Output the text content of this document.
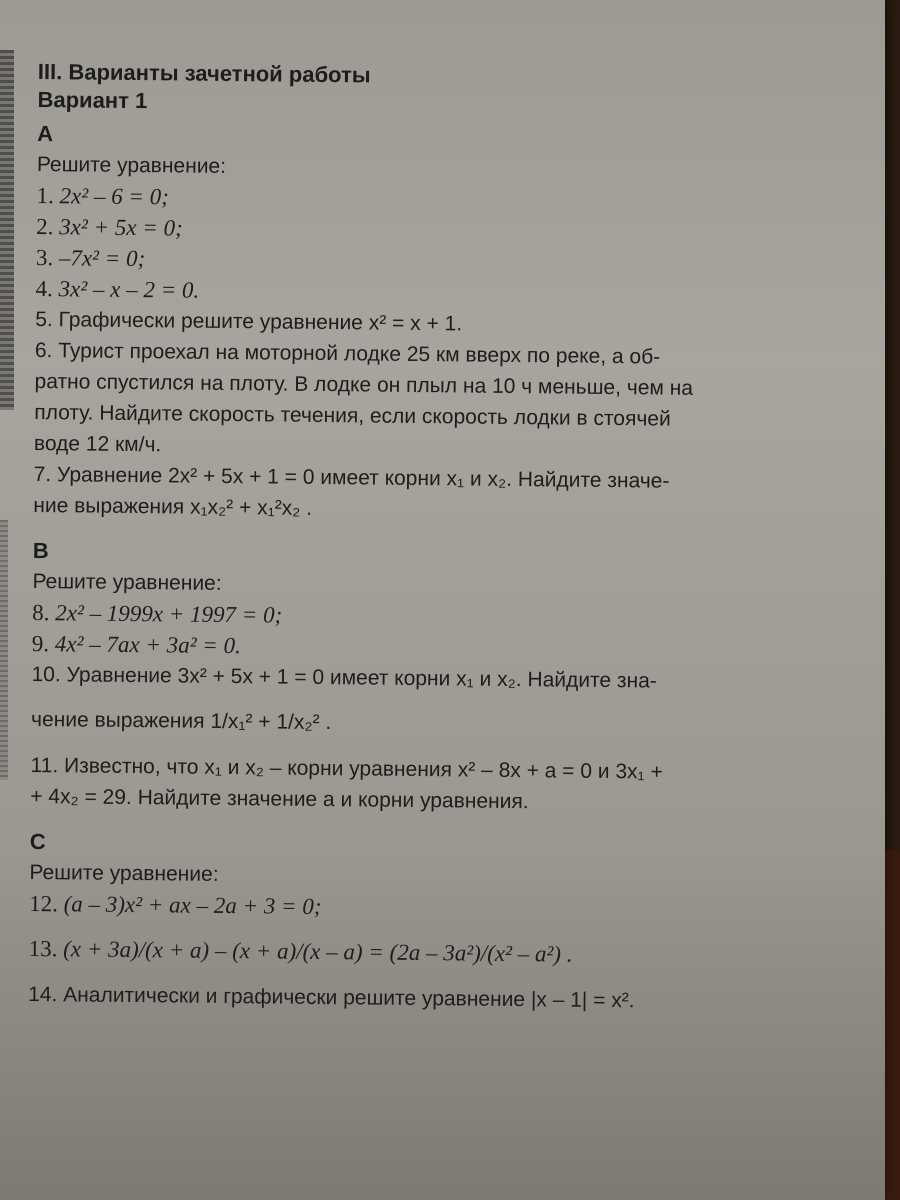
III. Варианты зачетной работы
Вариант 1
А
Решите уравнение:
1. 2x² – 6 = 0;
2. 3x² + 5x = 0;
3. –7x² = 0;
4. 3x² – x – 2 = 0.
5. Графически решите уравнение x² = x + 1.
6. Турист проехал на моторной лодке 25 км вверх по реке, а об-
ратно спустился на плоту. В лодке он плыл на 10 ч меньше, чем на
плоту. Найдите скорость течения, если скорость лодки в стоячей
воде 12 км/ч.
7. Уравнение 2x² + 5x + 1 = 0 имеет корни x₁ и x₂. Найдите значе-
ние выражения x₁x₂² + x₁²x₂ .
В
Решите уравнение:
8. 2x² – 1999x + 1997 = 0;
9. 4x² – 7ax + 3a² = 0.
10. Уравнение 3x² + 5x + 1 = 0 имеет корни x₁ и x₂. Найдите зна-
чение выражения 1/x₁² + 1/x₂² .
11. Известно, что x₁ и x₂ – корни уравнения x² – 8x + a = 0 и 3x₁ +
+ 4x₂ = 29. Найдите значение a и корни уравнения.
С
Решите уравнение:
12. (a – 3)x² + ax – 2a + 3 = 0;
13. (x + 3a)/(x + a) – (x + a)/(x – a) = (2a – 3a²)/(x² – a²) .
14. Аналитически и графически решите уравнение |x – 1| = x².
